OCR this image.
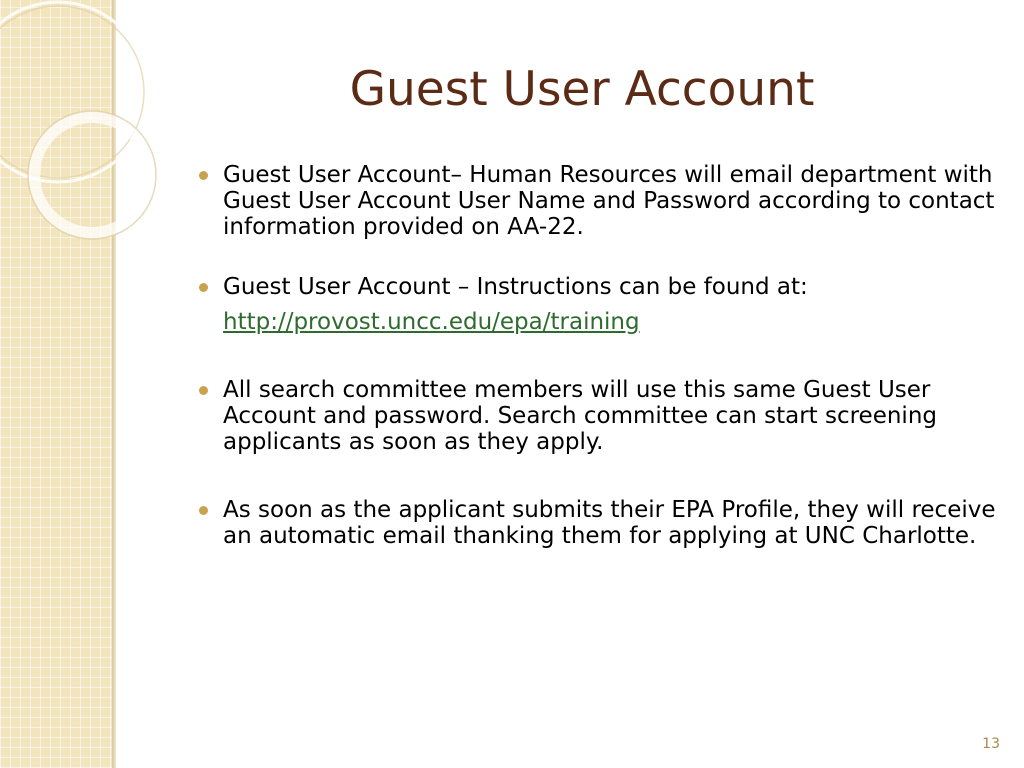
Guest User Account
Guest User Account– Human Resources will email department with Guest User Account User Name and Password according to contact information provided on AA-22.
Guest User Account – Instructions can be found at:
http://provost.uncc.edu/epa/training
All search committee members will use this same Guest User Account and password. Search committee can start screening applicants as soon as they apply.
As soon as the applicant submits their EPA Profile, they will receive an automatic email thanking them for applying at UNC Charlotte.
13
